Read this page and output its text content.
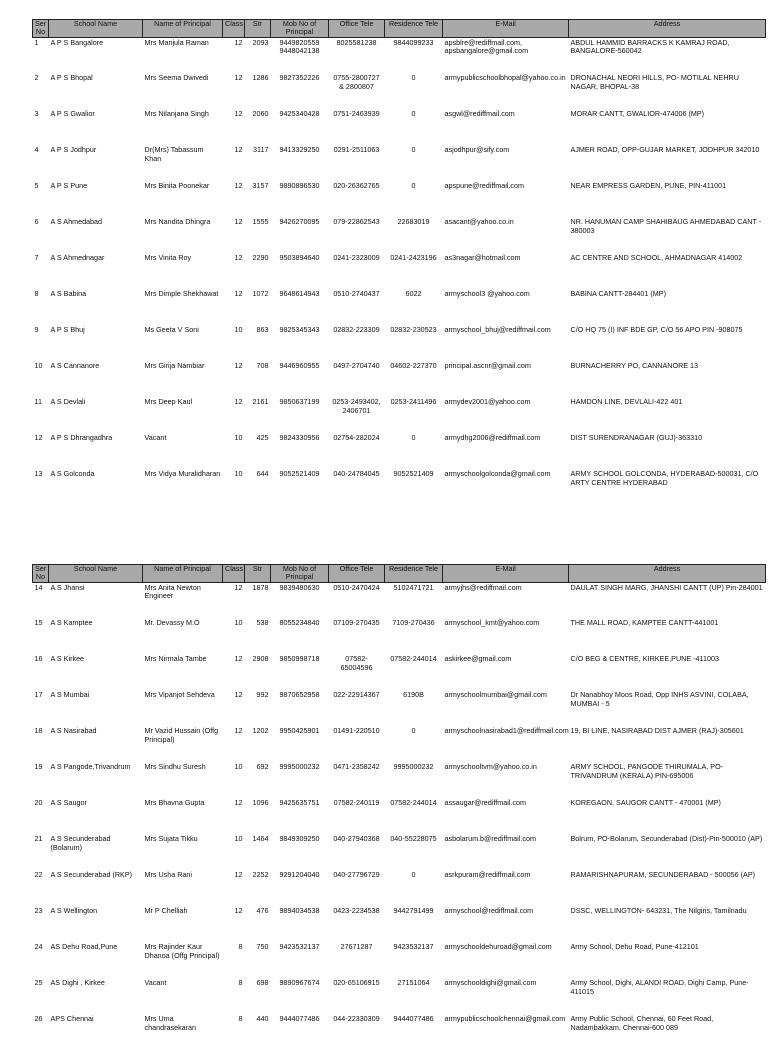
Ser No	School Name	Name of Principal	Class	Str	Mob No of Principal	Office Tele	Residence Tele	E-Mail	Address
1	A P S Bangalore	Mrs Manjula Raman	12	2093	9449820559 9448042138	8025581238	9844099233	apsblre@rediffmail.com, apsbangalore@gmail.com	ABDUL HAMMID BARRACKS K KAMRAJ ROAD, BANGALORE-560042
2	A P S Bhopal	Mrs Seema Dwivedi	12	1286	9827352226	0755-2800727 & 2800807	0	armypublicschoolbhopal@yahoo.co.in	DRONACHAL NEORI HILLS, PO- MOTILAL NEHRU NAGAR, BHOPAL-38
3	A P S Gwalior	Mrs Nilanjana Singh	12	2060	9425340428	0751-2463939	0	asgwl@rediffmail.com	MORAR CANTT, GWALIOR-474006 (MP)
4	A P S Jodhpur	Dr(Mrs) Tabassum Khan	12	3117	9413329250	0291-2511063	0	asjodhpur@sify.com	AJMER ROAD, OPP-GUJAR MARKET, JODHPUR 342010
5	A P S Pune	Mrs Binita Poonekar	12	3157	9890896530	020-26362765	0	apspune@rediffmail.com	NEAR EMPRESS GARDEN, PUNE, PIN-411001
6	A S Ahmedabad	Mrs Nandita Dhingra	12	1555	9426270095	079-22862543	22683019	asacant@yahoo.co.in	NR. HANUMAN CAMP SHAHIBAUG AHMEDABAD CANT - 380003
7	A S Ahmednagar	Mrs Vinita Roy	12	2290	9503894640	0241-2323009	0241-2423196	as3nagar@hotmail.com	AC CENTRE AND SCHOOL, AHMADNAGAR 414002
8	A S Babina	Mrs Dimple Shekhawat	12	1072	9648614943	0510-2740437	6022	armyschool3 @yahoo.com	BABINA CANTT-284401 (MP)
9	A P S Bhuj	Ms Geeta V Soni	10	863	9825345343	02832-223309	02832-230523	armyschool_bhuj@rediffmail.com	C/O HQ 75 (I) INF BDE GP, C/O 56 APO PIN -908075
10	A S Cannanore	Mrs Girija Nambiar	12	708	9446960955	0497-2704740	04602-227370	principal.ascnr@gmail.com	BURNACHERRY PO, CANNANORE 13
11	A S Devlali	Mrs Deep Kaul	12	2161	9850637199	0253-2493402, 2406701	0253-2411496	armydev2001@yahoo.com	HAMDON LINE, DEVLALI-422 401
12	A P S Dhrangadhra	Vacant	10	425	9824330956	02754-282024	0	armydhg2006@rediffmail.com	DIST SURENDRANAGAR (GUJ)-363310
13	A S Golconda	Mrs Vidya Muralidharan	10	644	9052521409	040-24784045	9052521409	armyschoolgolconda@gmail.com	ARMY SCHOOL GOLCONDA, HYDERABAD-500031, C/O ARTY CENTRE HYDERABAD
Ser No	School Name	Name of Principal	Class	Str	Mob No of Principal	Office Tele	Residence Tele	E-Mail	Address
14	A S Jhansi	Mrs Anita Newton Engineer	12	1878	9839480630	0510-2470424	5102471721	armyjhs@rediffmail.com	DAULAT SINGH MARG, JHANSHI CANTT (UP) Pin-284001
15	A S Kamptee	Mr. Devassy M.O	10	538	8055234840	07109-270435	7109-270436	armyschool_kmt@yahoo.com	THE MALL ROAD, KAMPTEE CANTT-441001
16	A S Kirkee	Mrs Nirmala Tambe	12	2908	9850998718	07582-65004596	07582-244014	askirkee@gmail.com	C/O BEG & CENTRE, KIRKEE,PUNE -411003
17	A S Mumbai	Mrs Vipanjot Sehdeva	12	992	9870652958	022-22914367	6190B	armyschoolmumbai@gmail.com	Dr Nanabhoy Moos Road, Opp INHS ASVINI, COLABA, MUMBAI - 5
18	A S Nasirabad	Mr Vazid Hussain (Offg Principal)	12	1202	9950425901	01491-220510	0	armyschoolnasirabad1@rediffmail.com	19, BI LINE, NASIRABAD DIST AJMER (RAJ)-305601
19	A S Pangode,Trivandrum	Mrs Sindhu Suresh	10	692	9995000232	0471-2358242	9995000232	armyschooltvm@yahoo.co.in	ARMY SCHOOL, PANGODE THIRUMALA, PO- TRIVANDRUM (KERALA) PIN-695006
20	A S Saugor	Mrs Bhavna Gupta	12	1096	9425635751	07582-240119	07582-244014	assaugar@rediffmail.com	KOREGAON, SAUGOR CANTT - 470001 (MP)
21	A S Secunderabad (Bolarum)	Mrs Sujata Tikku	10	1464	9849309250	040-27940368	040-55228075	asbolarum.b@rediffmail.com	Bolrum, PO-Bolarum, Secunderabad (Dist)-Pin-500010 (AP)
22	A S Secunderabad (RKP)	Mrs Usha Rani	12	2252	9291204040	040-27796729	0	asrkpuram@rediffmail.com	RAMARISHNAPURAM, SECUNDERABAD - 500056 (AP)
23	A S Wellington	Mr P Chelliah	12	476	9894034538	0423-2234538	9442791499	armyschool@rediffmail.com	DSSC, WELLINGTON- 643231, The Nilgiris, Tamilnadu
24	AS Dehu Road,Pune	Mrs Rajinder Kaur Dhanoa (Offg Principal)	8	750	9423532137	27671287	9423532137	armyschooldehuroad@gmail.com	Army School, Dehu Road, Pune-412101
25	AS Dighi , Kirkee	Vacant	8	698	9890967674	020-65106915	27151064	armyschooldighi@gmail.com	Army School, Dighi, ALANDI ROAD, Dighi Camp, Pune-411015
26	APS Chennai	Mrs Uma chandrasekaran	8	440	9444077486	044-22330309	9444077486	armypublicschoolchennai@gmail.com	Army Public School, Chennai, 60 Feet Road, Nadambakkam, Chennai-600 089
